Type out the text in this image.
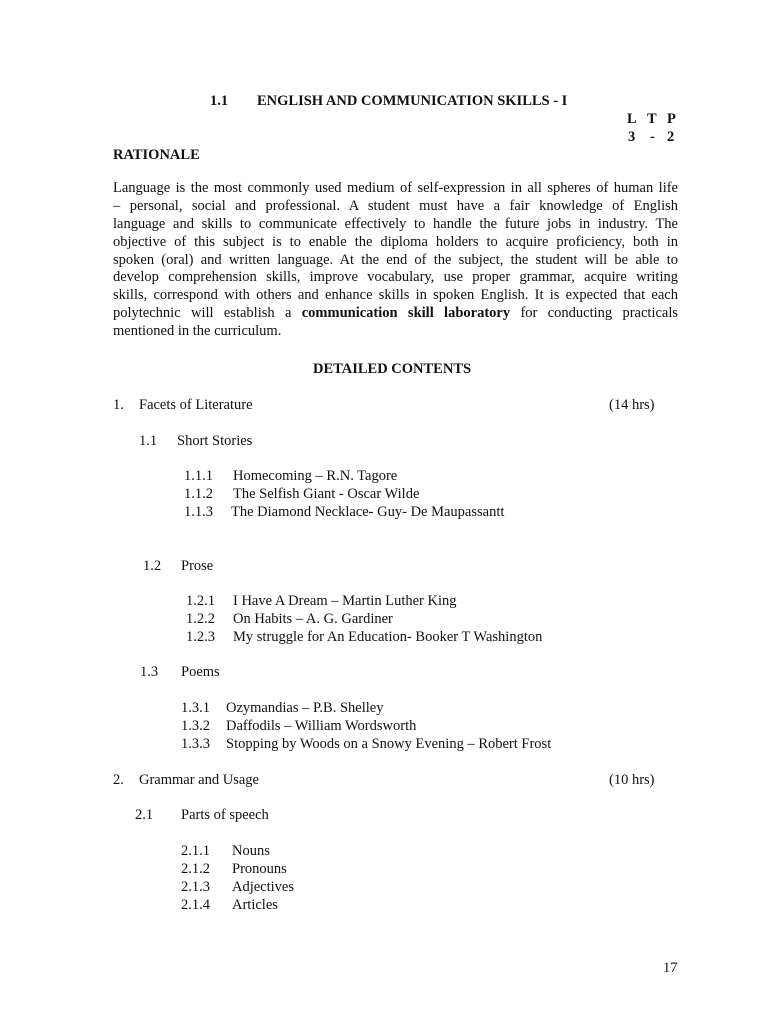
1.1 ENGLISH AND COMMUNICATION SKILLS - I
L T P
3 - 2
RATIONALE
Language is the most commonly used medium of self-expression in all spheres of human life
– personal, social and professional. A student must have a fair knowledge of English
language and skills to communicate effectively to handle the future jobs in industry. The
objective of this subject is to enable the diploma holders to acquire proficiency, both in
spoken (oral) and written language. At the end of the subject, the student will be able to
develop comprehension skills, improve vocabulary, use proper grammar, acquire writing
skills, correspond with others and enhance skills in spoken English. It is expected that each
polytechnic will establish a communication skill laboratory for conducting practicals
mentioned in the curriculum.
DETAILED CONTENTS
1. Facets of Literature	(14 hrs)
1.1 Short Stories
1.1.1 Homecoming – R.N. Tagore
1.1.2 The Selfish Giant - Oscar Wilde
1.1.3 The Diamond Necklace- Guy- De Maupassantt
1.2 Prose
1.2.1 I Have A Dream – Martin Luther King
1.2.2 On Habits – A. G. Gardiner
1.2.3 My struggle for An Education- Booker T Washington
1.3 Poems
1.3.1 Ozymandias – P.B. Shelley
1.3.2 Daffodils – William Wordsworth
1.3.3 Stopping by Woods on a Snowy Evening – Robert Frost
2. Grammar and Usage	(10 hrs)
2.1 Parts of speech
2.1.1 Nouns
2.1.2 Pronouns
2.1.3 Adjectives
2.1.4 Articles
17
